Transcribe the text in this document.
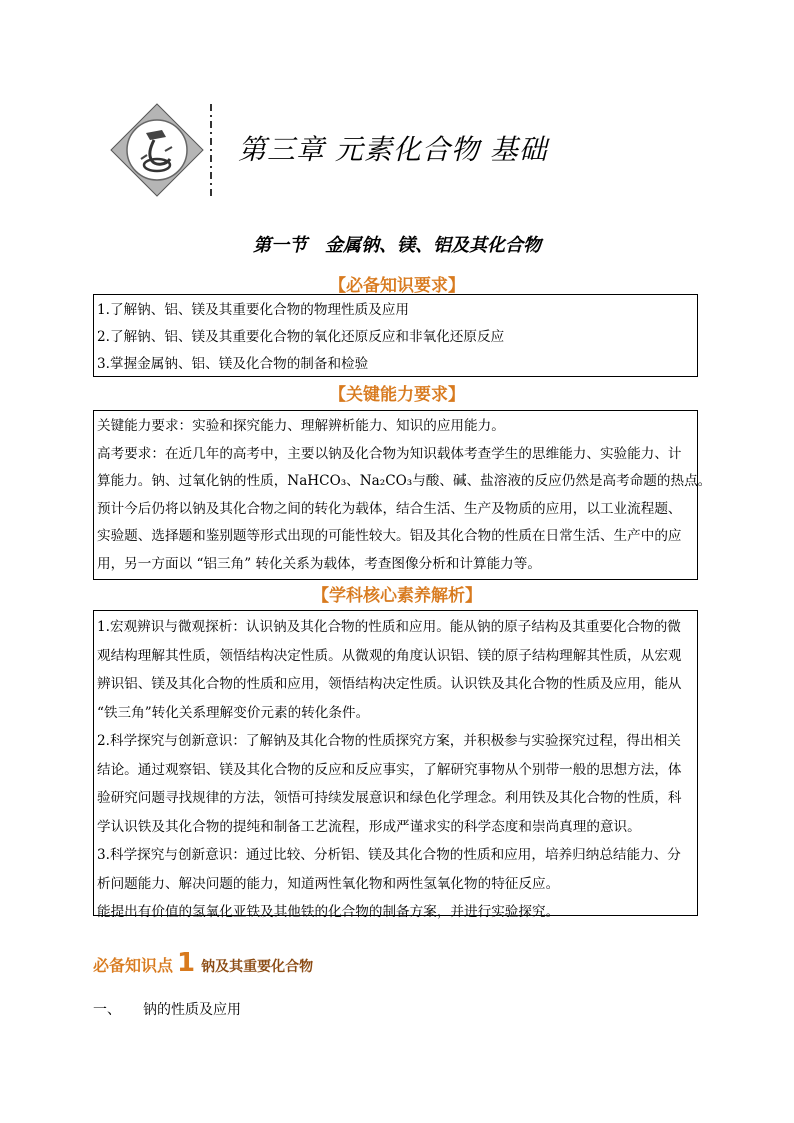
第三章 元素化合物 基础
第一节　金属钠、镁、铝及其化合物
【必备知识要求】

1.了解钠、铝、镁及其重要化合物的物理性质及应用

2.了解钠、铝、镁及其重要化合物的氧化还原反应和非氧化还原反应

3.掌握金属钠、铝、镁及化合物的制备和检验

【关键能力要求】

关键能力要求：实验和探究能力、理解辨析能力、知识的应用能力。

高考要求：在近几年的高考中，主要以钠及化合物为知识载体考查学生的思维能力、实验能力、计

算能力。钠、过氧化钠的性质，NaHCO₃、Na₂CO₃与酸、碱、盐溶液的反应仍然是高考命题的热点。

预计今后仍将以钠及其化合物之间的转化为载体，结合生活、生产及物质的应用，以工业流程题、

实验题、选择题和鉴别题等形式出现的可能性较大。铝及其化合物的性质在日常生活、生产中的应

用，另一方面以 “铝三角” 转化关系为载体，考查图像分析和计算能力等。

【学科核心素养解析】

1.宏观辨识与微观探析：认识钠及其化合物的性质和应用。能从钠的原子结构及其重要化合物的微

观结构理解其性质，领悟结构决定性质。从微观的角度认识铝、镁的原子结构理解其性质，从宏观

辨识铝、镁及其化合物的性质和应用，领悟结构决定性质。认识铁及其化合物的性质及应用，能从

“铁三角”转化关系理解变价元素的转化条件。

2.科学探究与创新意识：了解钠及其化合物的性质探究方案，并积极参与实验探究过程，得出相关

结论。通过观察铝、镁及其化合物的反应和反应事实，了解研究事物从个别带一般的思想方法，体

验研究问题寻找规律的方法，领悟可持续发展意识和绿色化学理念。利用铁及其化合物的性质，科

学认识铁及其化合物的提纯和制备工艺流程，形成严谨求实的科学态度和崇尚真理的意识。

3.科学探究与创新意识：通过比较、分析铝、镁及其化合物的性质和应用，培养归纳总结能力、分

析问题能力、解决问题的能力，知道两性氧化物和两性氢氧化物的特征反应。

能提出有价值的氢氧化亚铁及其他铁的化合物的制备方案，并进行实验探究。

必备知识点 1 钠及其重要化合物
一、 钠的性质及应用
